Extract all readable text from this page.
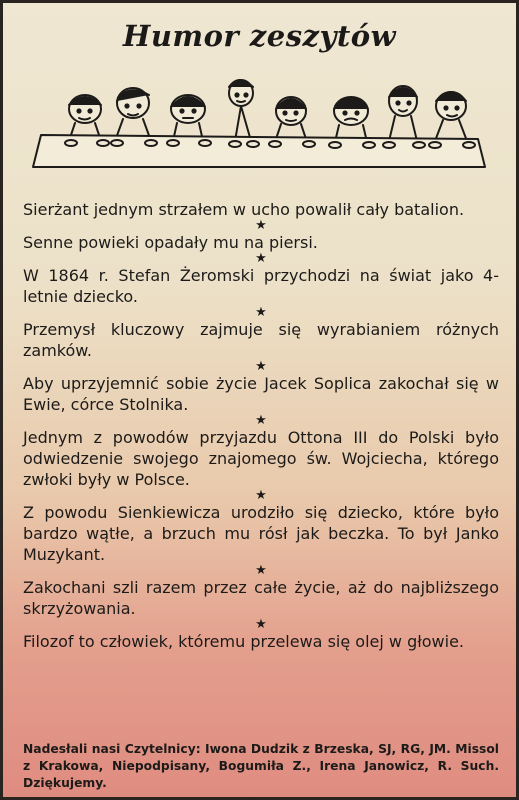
Humor zeszytów

Sierżant jednym strzałem w ucho powalił cały batalion.

★

Senne powieki opadały mu na piersi.

★

W 1864 r. Stefan Żeromski przychodzi na świat jako 4-letnie dziecko.

★

Przemysł kluczowy zajmuje się wyrabianiem różnych zamków.

★

Aby uprzyjemnić sobie życie Jacek Soplica zakochał się w Ewie, córce Stolnika.

★

Jednym z powodów przyjazdu Ottona III do Polski było odwiedzenie swojego znajomego św. Wojciecha, którego zwłoki były w Polsce.

★

Z powodu Sienkiewicza urodziło się dziecko, które było bardzo wątłe, a brzuch mu rósł jak beczka. To był Janko Muzykant.

★

Zakochani szli razem przez całe życie, aż do najbliższego skrzyżowania.

★

Filozof to człowiek, któremu przelewa się olej w głowie.

Nadesłali nasi Czytelnicy: Iwona Dudzik z Brzeska, SJ, RG, JM. Missol z Krakowa, Niepodpisany, Bogumiła Z., Irena Janowicz, R. Such. Dziękujemy.
